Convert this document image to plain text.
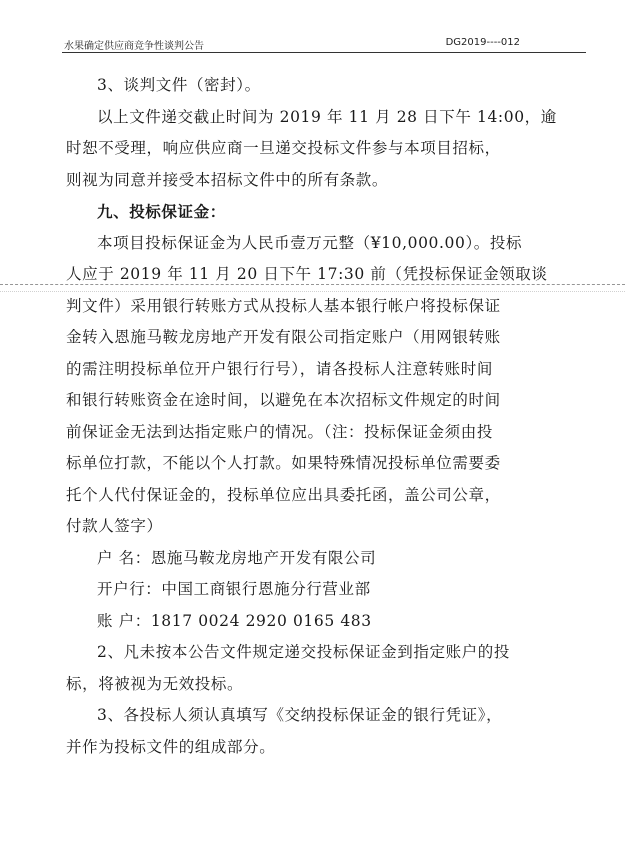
水果确定供应商竞争性谈判公告	DG2019----012
3、谈判文件（密封）。
以上文件递交截止时间为 2019 年 11 月 28 日下午 14:00，逾
时恕不受理，响应供应商一旦递交投标文件参与本项目招标，
则视为同意并接受本招标文件中的所有条款。
九、投标保证金：
本项目投标保证金为人民币壹万元整（¥10,000.00）。投标
人应于 2019 年 11 月 20 日下午 17:30 前（凭投标保证金领取谈
判文件）采用银行转账方式从投标人基本银行帐户将投标保证
金转入恩施马鞍龙房地产开发有限公司指定账户（用网银转账
的需注明投标单位开户银行行号），请各投标人注意转账时间
和银行转账资金在途时间，以避免在本次招标文件规定的时间
前保证金无法到达指定账户的情况。（注：投标保证金须由投
标单位打款，不能以个人打款。如果特殊情况投标单位需要委
托个人代付保证金的，投标单位应出具委托函，盖公司公章，
付款人签字）
户 名：恩施马鞍龙房地产开发有限公司
开户行：中国工商银行恩施分行营业部
账 户：1817 0024 2920 0165 483
2、凡未按本公告文件规定递交投标保证金到指定账户的投
标，将被视为无效投标。
3、各投标人须认真填写《交纳投标保证金的银行凭证》，
并作为投标文件的组成部分。
